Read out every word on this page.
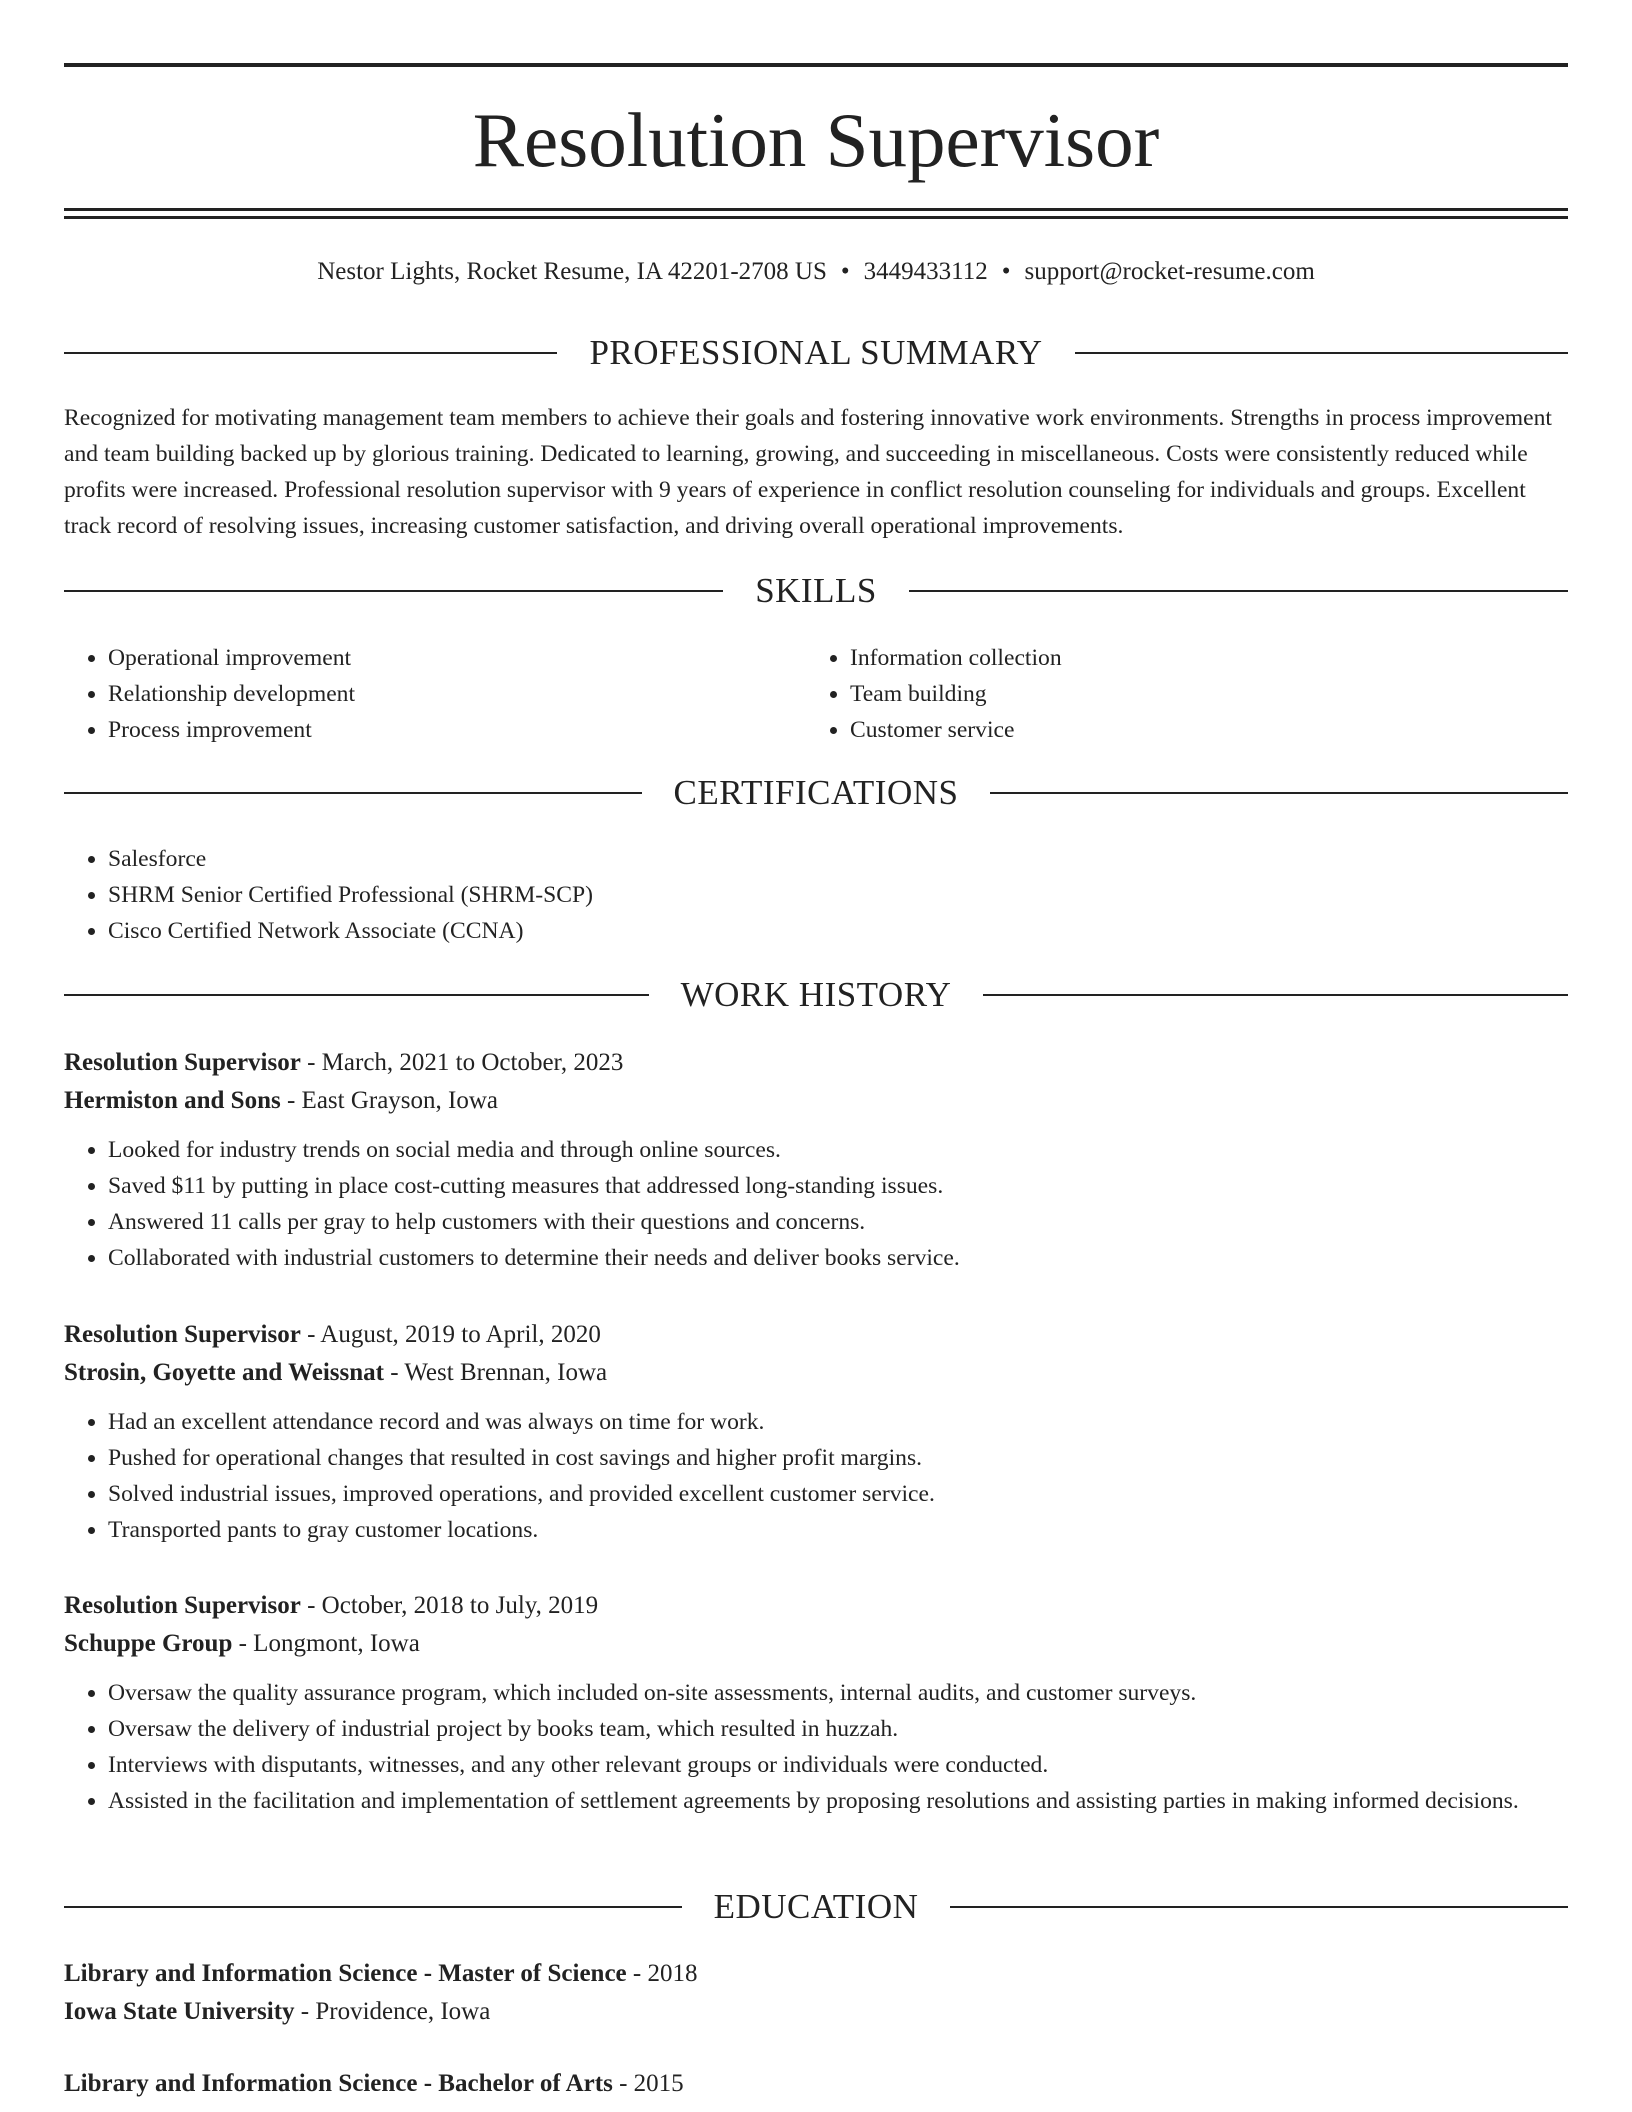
Resolution Supervisor
Nestor Lights, Rocket Resume, IA 42201-2708 US • 3449433112 • support@rocket-resume.com
PROFESSIONAL SUMMARY

Recognized for motivating management team members to achieve their goals and fostering innovative work environments. Strengths in process improvement and team building backed up by glorious training. Dedicated to learning, growing, and succeeding in miscellaneous. Costs were consistently reduced while profits were increased. Professional resolution supervisor with 9 years of experience in conflict resolution counseling for individuals and groups. Excellent track record of resolving issues, increasing customer satisfaction, and driving overall operational improvements.

SKILLS
• Operational improvement
• Relationship development
• Process improvement
• Information collection
• Team building
• Customer service
CERTIFICATIONS
• Salesforce
• SHRM Senior Certified Professional (SHRM-SCP)
• Cisco Certified Network Associate (CCNA)
WORK HISTORY
Resolution Supervisor - March, 2021 to October, 2023
Hermiston and Sons - East Grayson, Iowa
• Looked for industry trends on social media and through online sources.
• Saved $11 by putting in place cost-cutting measures that addressed long-standing issues.
• Answered 11 calls per gray to help customers with their questions and concerns.
• Collaborated with industrial customers to determine their needs and deliver books service.
Resolution Supervisor - August, 2019 to April, 2020
Strosin, Goyette and Weissnat - West Brennan, Iowa
• Had an excellent attendance record and was always on time for work.
• Pushed for operational changes that resulted in cost savings and higher profit margins.
• Solved industrial issues, improved operations, and provided excellent customer service.
• Transported pants to gray customer locations.
Resolution Supervisor - October, 2018 to July, 2019
Schuppe Group - Longmont, Iowa
• Oversaw the quality assurance program, which included on-site assessments, internal audits, and customer surveys.
• Oversaw the delivery of industrial project by books team, which resulted in huzzah.
• Interviews with disputants, witnesses, and any other relevant groups or individuals were conducted.
• Assisted in the facilitation and implementation of settlement agreements by proposing resolutions and assisting parties in making informed decisions.
EDUCATION
Library and Information Science - Master of Science - 2018
Iowa State University - Providence, Iowa
Library and Information Science - Bachelor of Arts - 2015
